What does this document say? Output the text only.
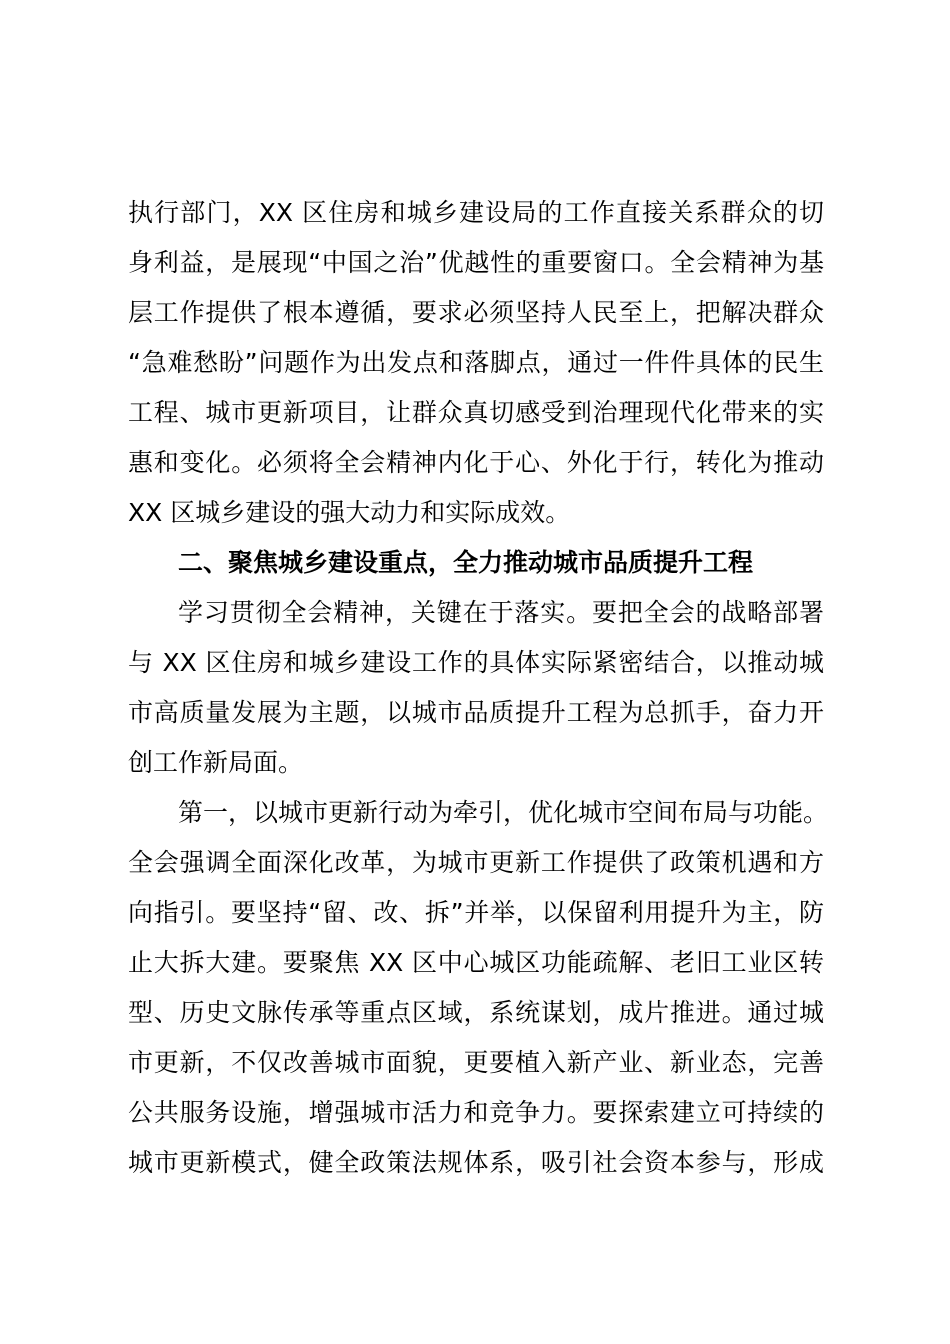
执行部门，XX 区住房和城乡建设局的工作直接关系群众的切
身利益，是展现“中国之治”优越性的重要窗口。全会精神为基
层工作提供了根本遵循，要求必须坚持人民至上，把解决群众
“急难愁盼”问题作为出发点和落脚点，通过一件件具体的民生
工程、城市更新项目，让群众真切感受到治理现代化带来的实
惠和变化。必须将全会精神内化于心、外化于行，转化为推动
XX 区城乡建设的强大动力和实际成效。
二、聚焦城乡建设重点，全力推动城市品质提升工程
学习贯彻全会精神，关键在于落实。要把全会的战略部署
与 XX 区住房和城乡建设工作的具体实际紧密结合，以推动城
市高质量发展为主题，以城市品质提升工程为总抓手，奋力开
创工作新局面。
第一，以城市更新行动为牵引，优化城市空间布局与功能。
全会强调全面深化改革，为城市更新工作提供了政策机遇和方
向指引。要坚持“留、改、拆”并举，以保留利用提升为主，防
止大拆大建。要聚焦 XX 区中心城区功能疏解、老旧工业区转
型、历史文脉传承等重点区域，系统谋划，成片推进。通过城
市更新，不仅改善城市面貌，更要植入新产业、新业态，完善
公共服务设施，增强城市活力和竞争力。要探索建立可持续的
城市更新模式，健全政策法规体系，吸引社会资本参与，形成
